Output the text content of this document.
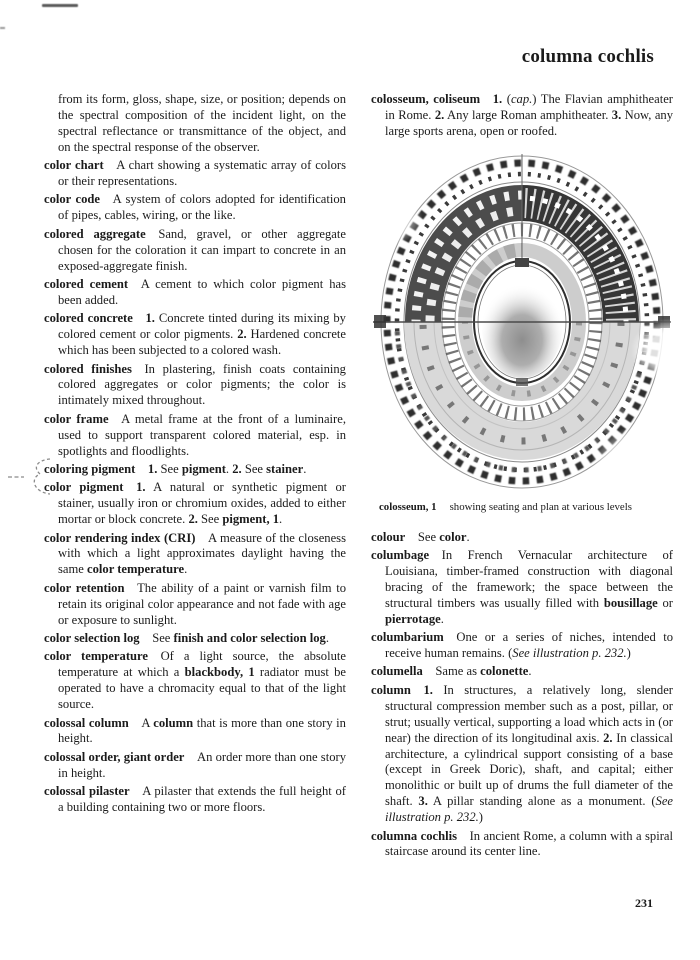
columna cochlis

from its form, gloss, shape, size, or position; depends on the spectral composition of the incident light, on the spectral reflectance or transmittance of the object, and on the spectral response of the observer.

color chart   A chart showing a systematic array of colors or their representations.

color code   A system of colors adopted for identification of pipes, cables, wiring, or the like.

colored aggregate   Sand, gravel, or other aggregate chosen for the coloration it can impart to concrete in an exposed-aggregate finish.

colored cement   A cement to which color pigment has been added.

colored concrete   1. Concrete tinted during its mixing by colored cement or color pigments. 2. Hardened concrete which has been subjected to a colored wash.

colored finishes   In plastering, finish coats containing colored aggregates or color pigments; the color is intimately mixed throughout.

color frame   A metal frame at the front of a luminaire, used to support transparent colored material, esp. in spotlights and floodlights.

coloring pigment   1. See pigment. 2. See stainer.

color pigment   1. A natural or synthetic pigment or stainer, usually iron or chromium oxides, added to either mortar or block concrete. 2. See pigment, 1.

color rendering index (CRI)   A measure of the closeness with which a light approximates daylight having the same color temperature.

color retention   The ability of a paint or varnish film to retain its original color appearance and not fade with age or exposure to sunlight.

color selection log   See finish and color selection log.

color temperature   Of a light source, the absolute temperature at which a blackbody, 1 radiator must be operated to have a chromacity equal to that of the light source.

colossal column   A column that is more than one story in height.

colossal order, giant order   An order more than one story in height.

colossal pilaster   A pilaster that extends the full height of a building containing two or more floors.

colosseum, coliseum   1. (cap.) The Flavian amphitheater in Rome. 2. Any large Roman amphitheater. 3. Now, any large sports arena, open or roofed.

colosseum, 1 showing seating and plan at various levels

colour   See color.

columbage   In French Vernacular architecture of Louisiana, timber-framed construction with diagonal bracing of the framework; the space between the structural timbers was usually filled with bousillage or pierrotage.

columbarium   One or a series of niches, intended to receive human remains. (See illustration p. 232.)

columella   Same as colonette.

column   1. In structures, a relatively long, slender structural compression member such as a post, pillar, or strut; usually vertical, supporting a load which acts in (or near) the direction of its longitudinal axis. 2. In classical architecture, a cylindrical support consisting of a base (except in Greek Doric), shaft, and capital; either monolithic or built up of drums the full diameter of the shaft. 3. A pillar standing alone as a monument. (See illustration p. 232.)

columna cochlis   In ancient Rome, a column with a spiral staircase around its center line.

231
